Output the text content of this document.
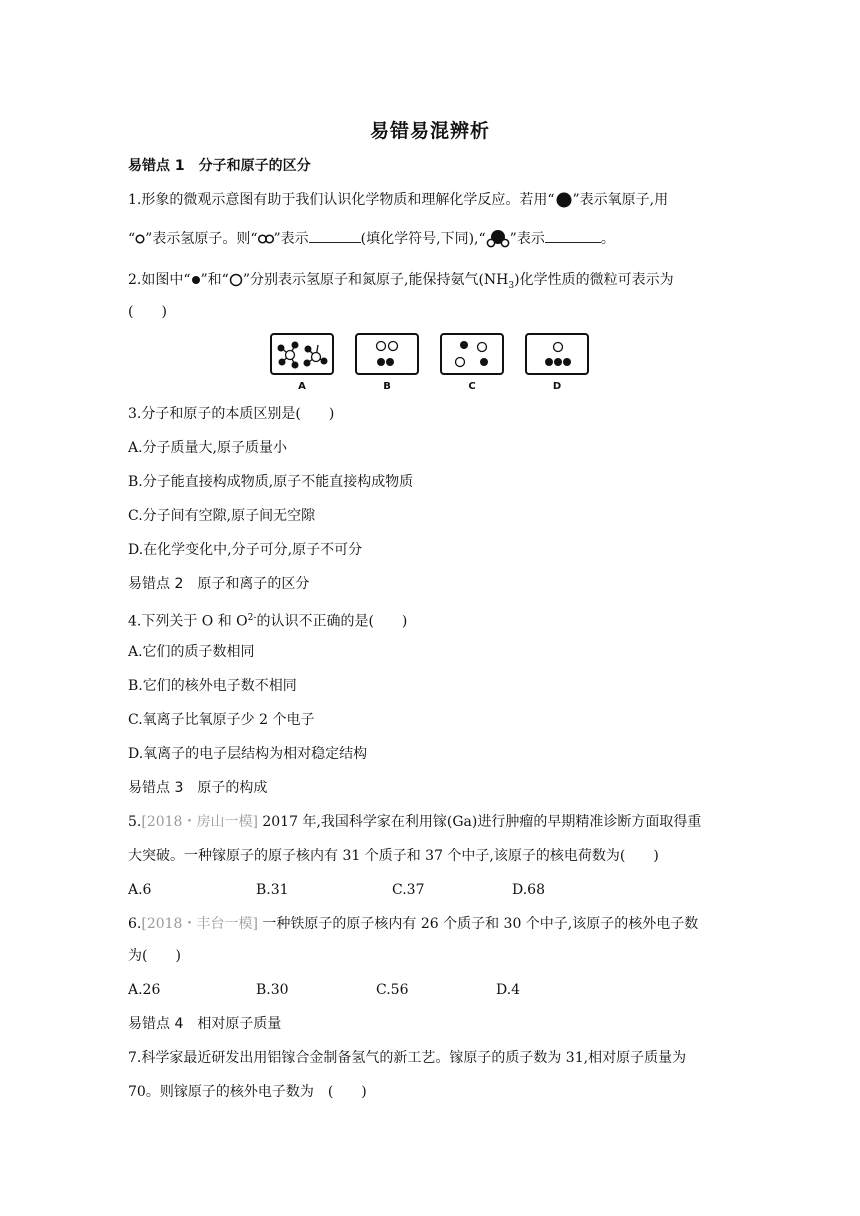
易错易混辨析
易错点 1　分子和原子的区分
1.形象的微观示意图有助于我们认识化学物质和理解化学反应。若用“ ”表示氧原子,用
“ ”表示氢原子。则“ ”表示	(填化学符号,下同),“ ”表示	。
2.如图中“ ”和“ ”分别表示氢原子和氮原子,能保持氨气$(NH_3)$化学性质的微粒可表示为
(　　)
A	B	C	D
3.分子和原子的本质区别是(　　)
A.分子质量大,原子质量小
B.分子能直接构成物质,原子不能直接构成物质
C.分子间有空隙,原子间无空隙
D.在化学变化中,分子可分,原子不可分
易错点 2　原子和离子的区分
4.下列关于 O 和 $O^{2-}$的认识不正确的是(　　)
A.它们的质子数相同
B.它们的核外电子数不相同
C.氧离子比氧原子少 2 个电子
D.氧离子的电子层结构为相对稳定结构
易错点 3　原子的构成
5.[2018・房山一模] 2017 年,我国科学家在利用镓(Ga)进行肿瘤的早期精准诊断方面取得重
大突破。一种镓原子的原子核内有 31 个质子和 37 个中子,该原子的核电荷数为(　　)
A.6	B.31	C.37	D.68
6.[2018・丰台一模] 一种铁原子的原子核内有 26 个质子和 30 个中子,该原子的核外电子数
为(　　)
A.26	B.30	C.56	D.4
易错点 4　相对原子质量
7.科学家最近研发出用铝镓合金制备氢气的新工艺。镓原子的质子数为 31,相对原子质量为
70。则镓原子的核外电子数为　(　　)
